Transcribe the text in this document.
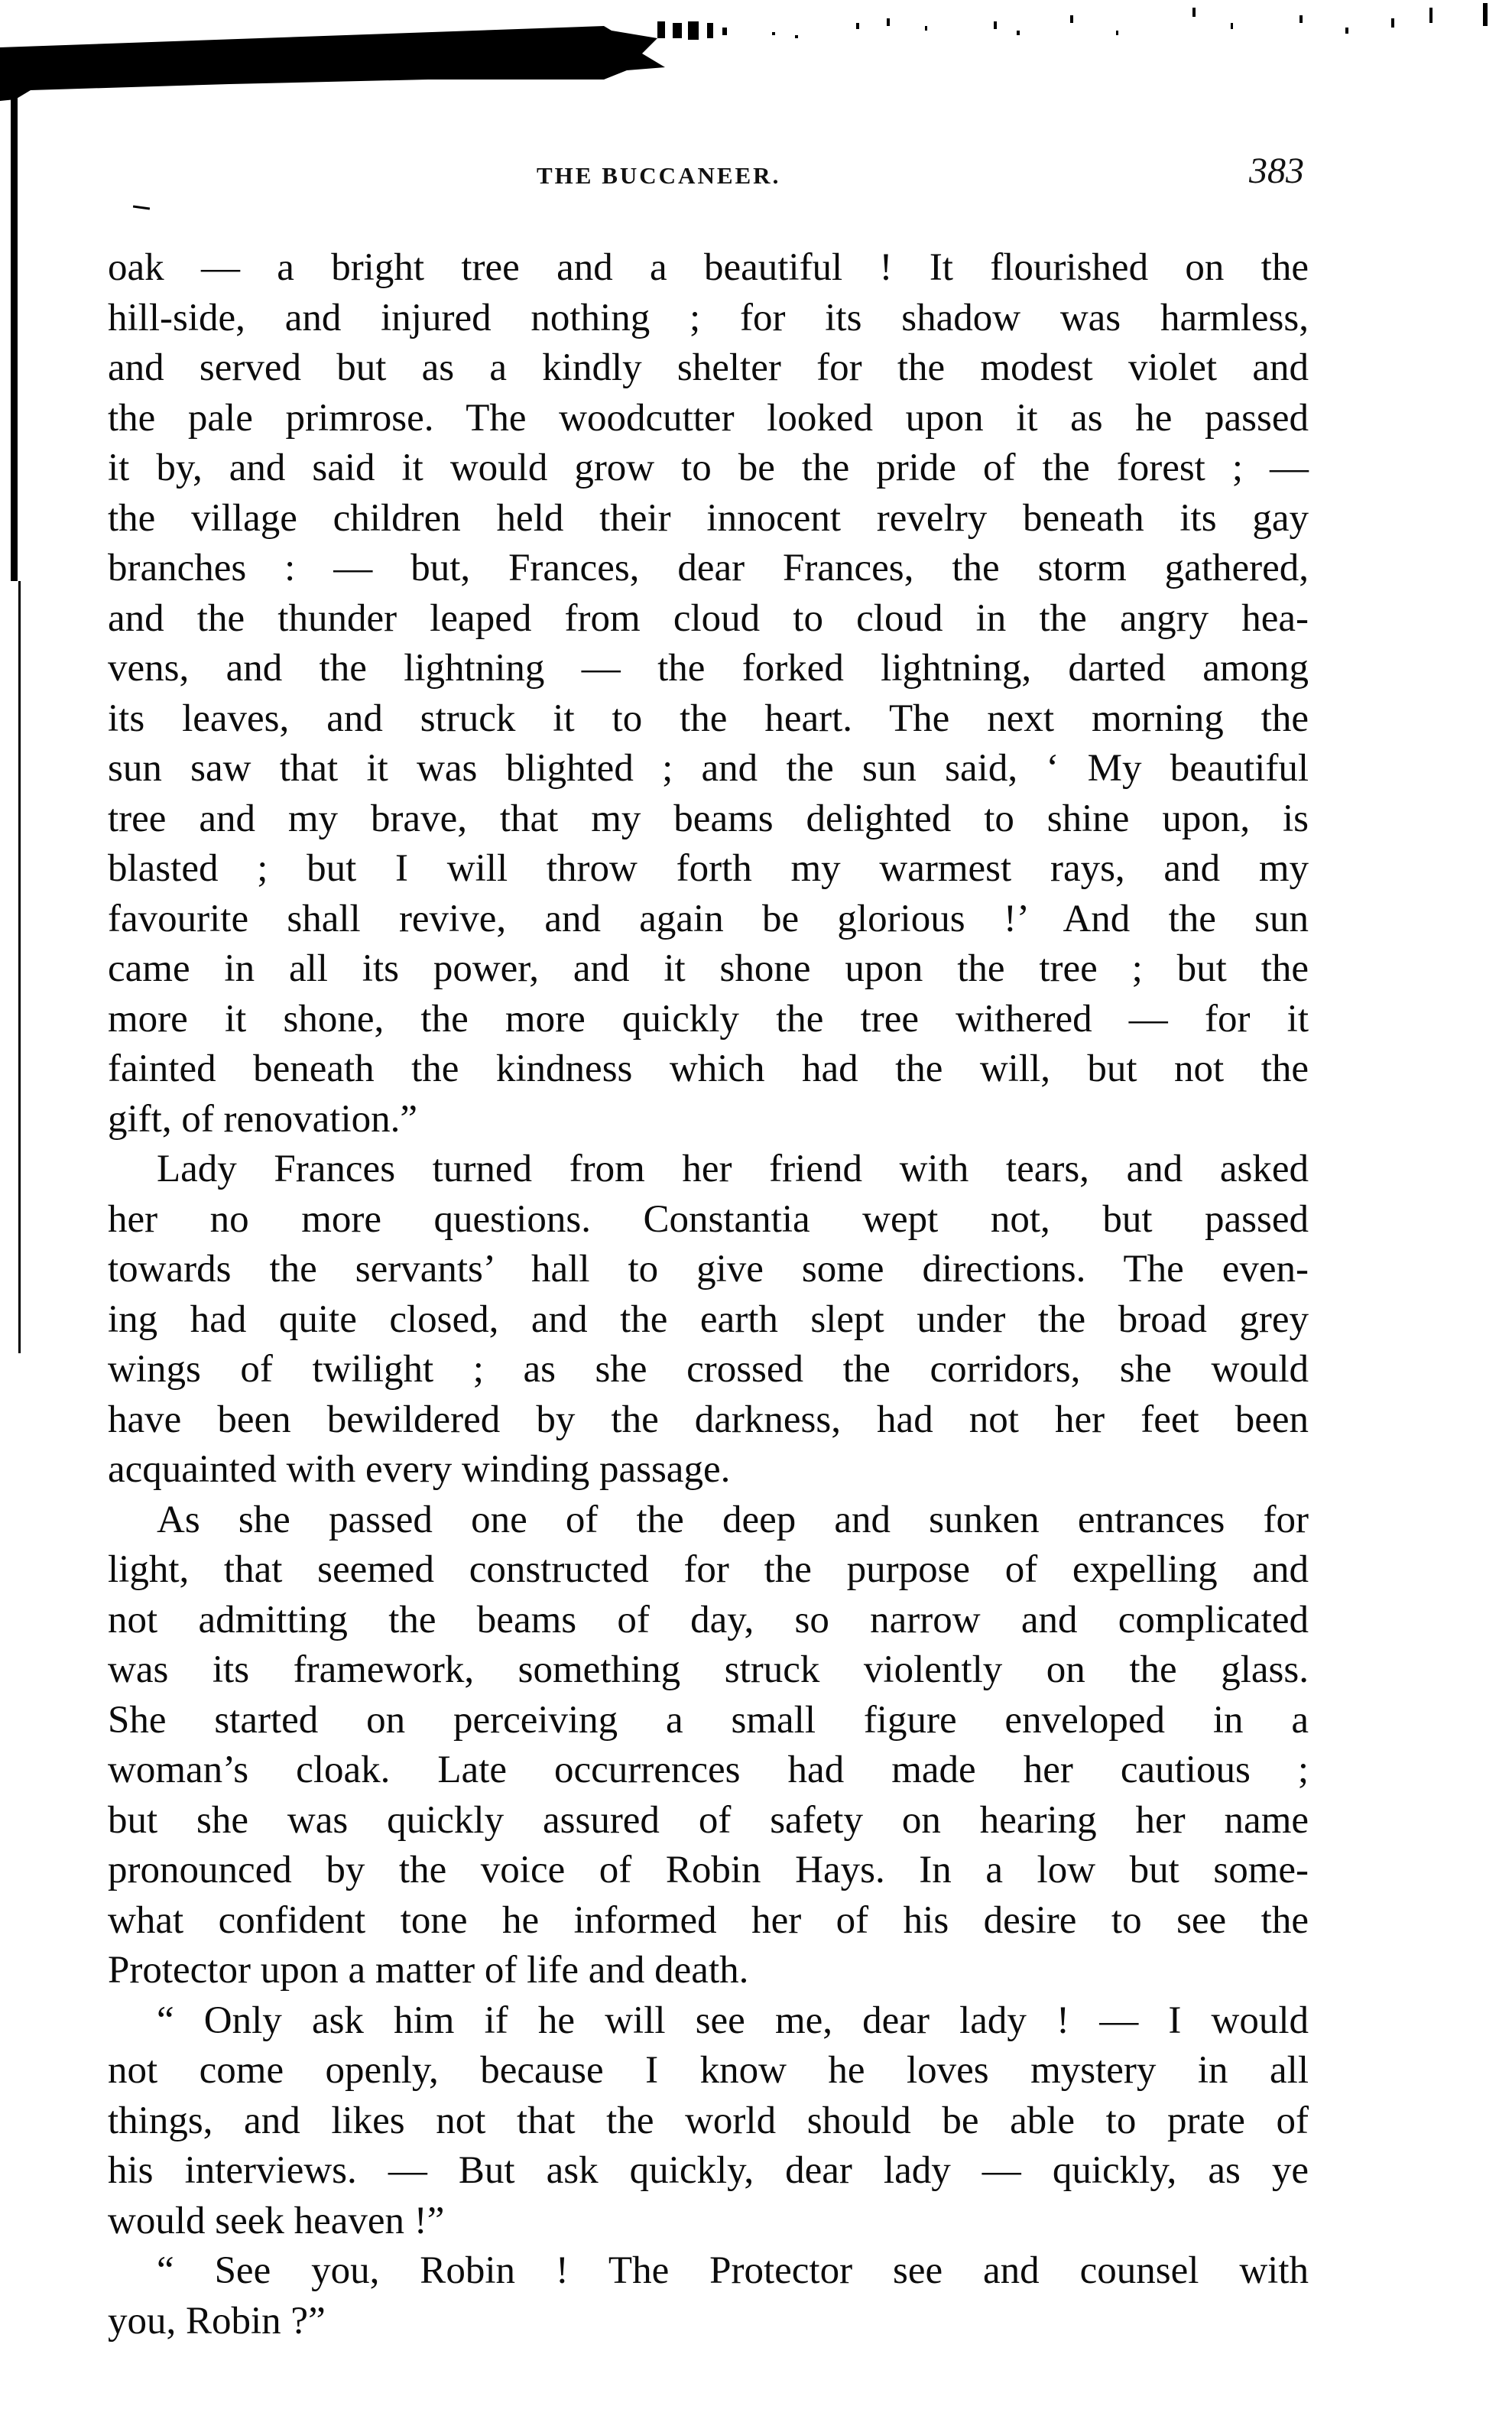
THE BUCCANEER.	383
oak — a bright tree and a beautiful ! It flourished on the
hill-side, and injured nothing ; for its shadow was harmless,
and served but as a kindly shelter for the modest violet and
the pale primrose. The woodcutter looked upon it as he passed
it by, and said it would grow to be the pride of the forest ; —
the village children held their innocent revelry beneath its gay
branches : — but, Frances, dear Frances, the storm gathered,
and the thunder leaped from cloud to cloud in the angry hea-
vens, and the lightning — the forked lightning, darted among
its leaves, and struck it to the heart. The next morning the
sun saw that it was blighted ; and the sun said, ‘ My beautiful
tree and my brave, that my beams delighted to shine upon, is
blasted ; but I will throw forth my warmest rays, and my
favourite shall revive, and again be glorious !’ And the sun
came in all its power, and it shone upon the tree ; but the
more it shone, the more quickly the tree withered — for it
fainted beneath the kindness which had the will, but not the
gift, of renovation.”
Lady Frances turned from her friend with tears, and asked
her no more questions. Constantia wept not, but passed
towards the servants’ hall to give some directions. The even-
ing had quite closed, and the earth slept under the broad grey
wings of twilight ; as she crossed the corridors, she would
have been bewildered by the darkness, had not her feet been
acquainted with every winding passage.
As she passed one of the deep and sunken entrances for
light, that seemed constructed for the purpose of expelling and
not admitting the beams of day, so narrow and complicated
was its framework, something struck violently on the glass.
She started on perceiving a small figure enveloped in a
woman’s cloak. Late occurrences had made her cautious ;
but she was quickly assured of safety on hearing her name
pronounced by the voice of Robin Hays. In a low but some-
what confident tone he informed her of his desire to see the
Protector upon a matter of life and death.
“ Only ask him if he will see me, dear lady ! — I would
not come openly, because I know he loves mystery in all
things, and likes not that the world should be able to prate of
his interviews. — But ask quickly, dear lady — quickly, as ye
would seek heaven !”
“ See you, Robin ! The Protector see and counsel with
you, Robin ?”
